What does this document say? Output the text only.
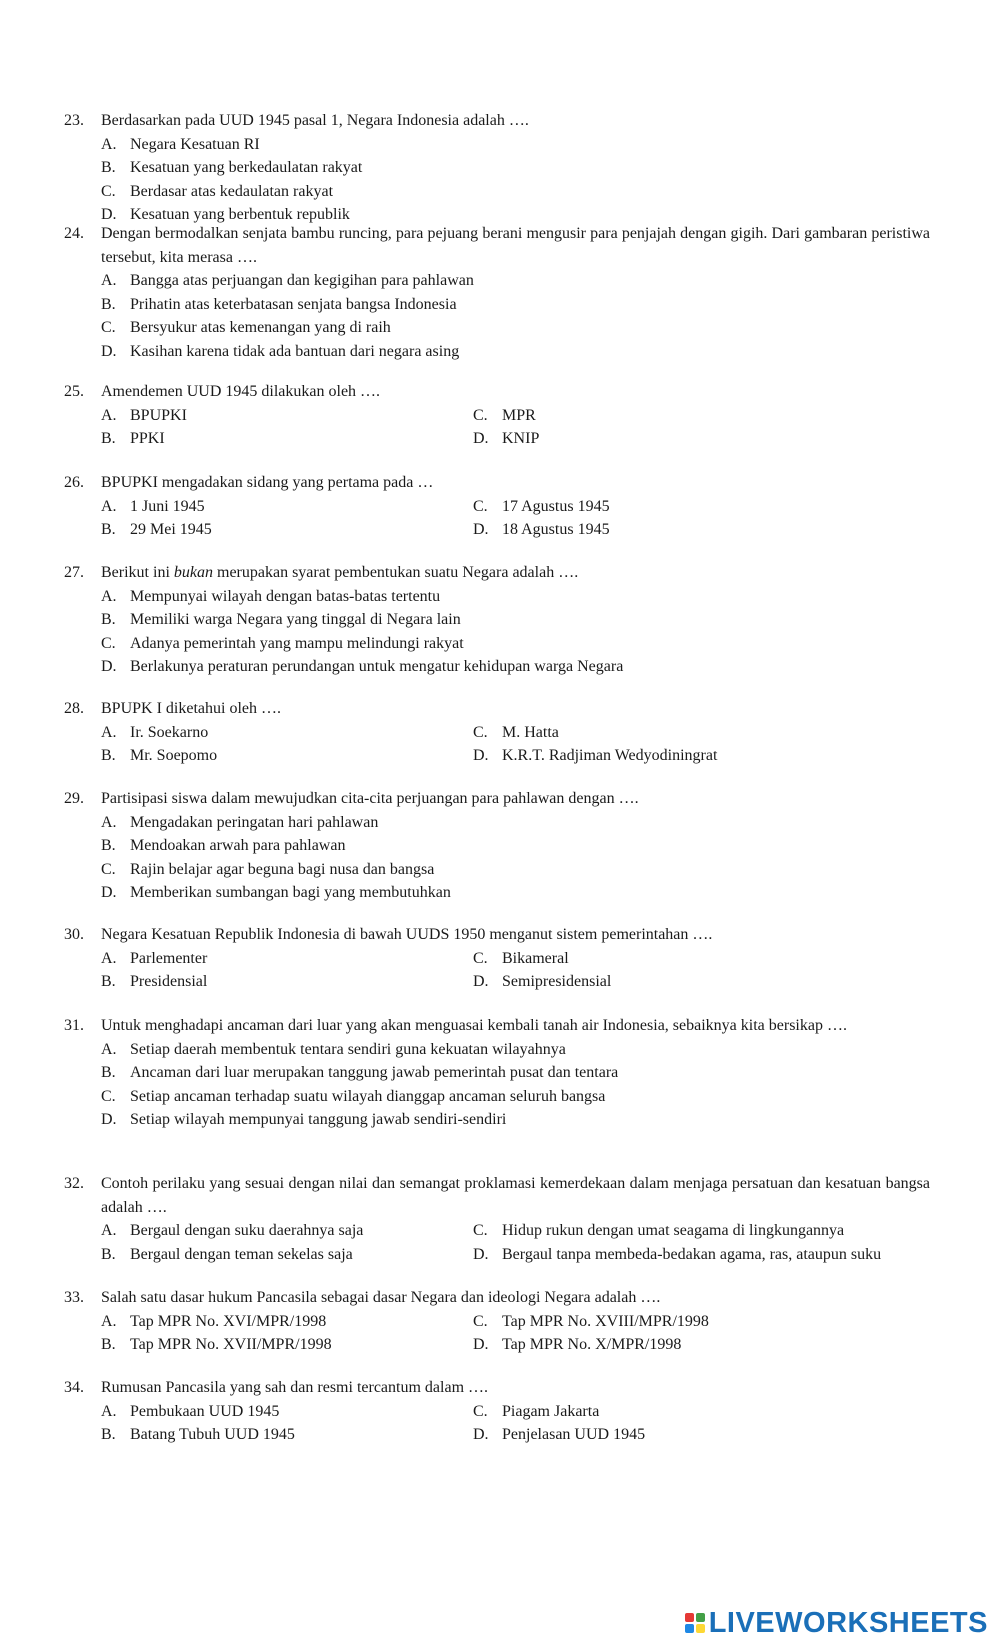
23. Berdasarkan pada UUD 1945 pasal 1, Negara Indonesia adalah ….
A. Negara Kesatuan RI
B. Kesatuan yang berkedaulatan rakyat
C. Berdasar atas kedaulatan rakyat
D. Kesatuan yang berbentuk republik
24. Dengan bermodalkan senjata bambu runcing, para pejuang berani mengusir para penjajah dengan gigih. Dari gambaran peristiwa tersebut, kita merasa ….
A. Bangga atas perjuangan dan kegigihan para pahlawan
B. Prihatin atas keterbatasan senjata bangsa Indonesia
C. Bersyukur atas kemenangan yang di raih
D. Kasihan karena tidak ada bantuan dari negara asing
25. Amendemen UUD 1945 dilakukan oleh ….
A. BPUPKI
B. PPKI
C. MPR
D. KNIP
26. BPUPKI mengadakan sidang yang pertama pada …
A. 1 Juni 1945
B. 29 Mei 1945
C. 17 Agustus 1945
D. 18 Agustus 1945
27. Berikut ini bukan merupakan syarat pembentukan suatu Negara adalah ….
A. Mempunyai wilayah dengan batas-batas tertentu
B. Memiliki warga Negara yang tinggal di Negara lain
C. Adanya pemerintah yang mampu melindungi rakyat
D. Berlakunya peraturan perundangan untuk mengatur kehidupan warga Negara
28. BPUPK I diketahui oleh ….
A. Ir. Soekarno
B. Mr. Soepomo
C. M. Hatta
D. K.R.T. Radjiman Wedyodiningrat
29. Partisipasi siswa dalam mewujudkan cita-cita perjuangan para pahlawan dengan ….
A. Mengadakan peringatan hari pahlawan
B. Mendoakan arwah para pahlawan
C. Rajin belajar agar beguna bagi nusa dan bangsa
D. Memberikan sumbangan bagi yang membutuhkan
30. Negara Kesatuan Republik Indonesia di bawah UUDS 1950 menganut sistem pemerintahan ….
A. Parlementer
B. Presidensial
C. Bikameral
D. Semipresidensial
31. Untuk menghadapi ancaman dari luar yang akan menguasai kembali tanah air Indonesia, sebaiknya kita bersikap ….
A. Setiap daerah membentuk tentara sendiri guna kekuatan wilayahnya
B. Ancaman dari luar merupakan tanggung jawab pemerintah pusat dan tentara
C. Setiap ancaman terhadap suatu wilayah dianggap ancaman seluruh bangsa
D. Setiap wilayah mempunyai tanggung jawab sendiri-sendiri
32. Contoh perilaku yang sesuai dengan nilai dan semangat proklamasi kemerdekaan dalam menjaga persatuan dan kesatuan bangsa adalah ….
A. Bergaul dengan suku daerahnya saja
B. Bergaul dengan teman sekelas saja
C. Hidup rukun dengan umat seagama di lingkungannya
D. Bergaul tanpa membeda-bedakan agama, ras, ataupun suku
33. Salah satu dasar hukum Pancasila sebagai dasar Negara dan ideologi Negara adalah ….
A. Tap MPR No. XVI/MPR/1998
B. Tap MPR No. XVII/MPR/1998
C. Tap MPR No. XVIII/MPR/1998
D. Tap MPR No. X/MPR/1998
34. Rumusan Pancasila yang sah dan resmi tercantum dalam ….
A. Pembukaan UUD 1945
B. Batang Tubuh UUD 1945
C. Piagam Jakarta
D. Penjelasan UUD 1945
LIVEWORKSHEETS
